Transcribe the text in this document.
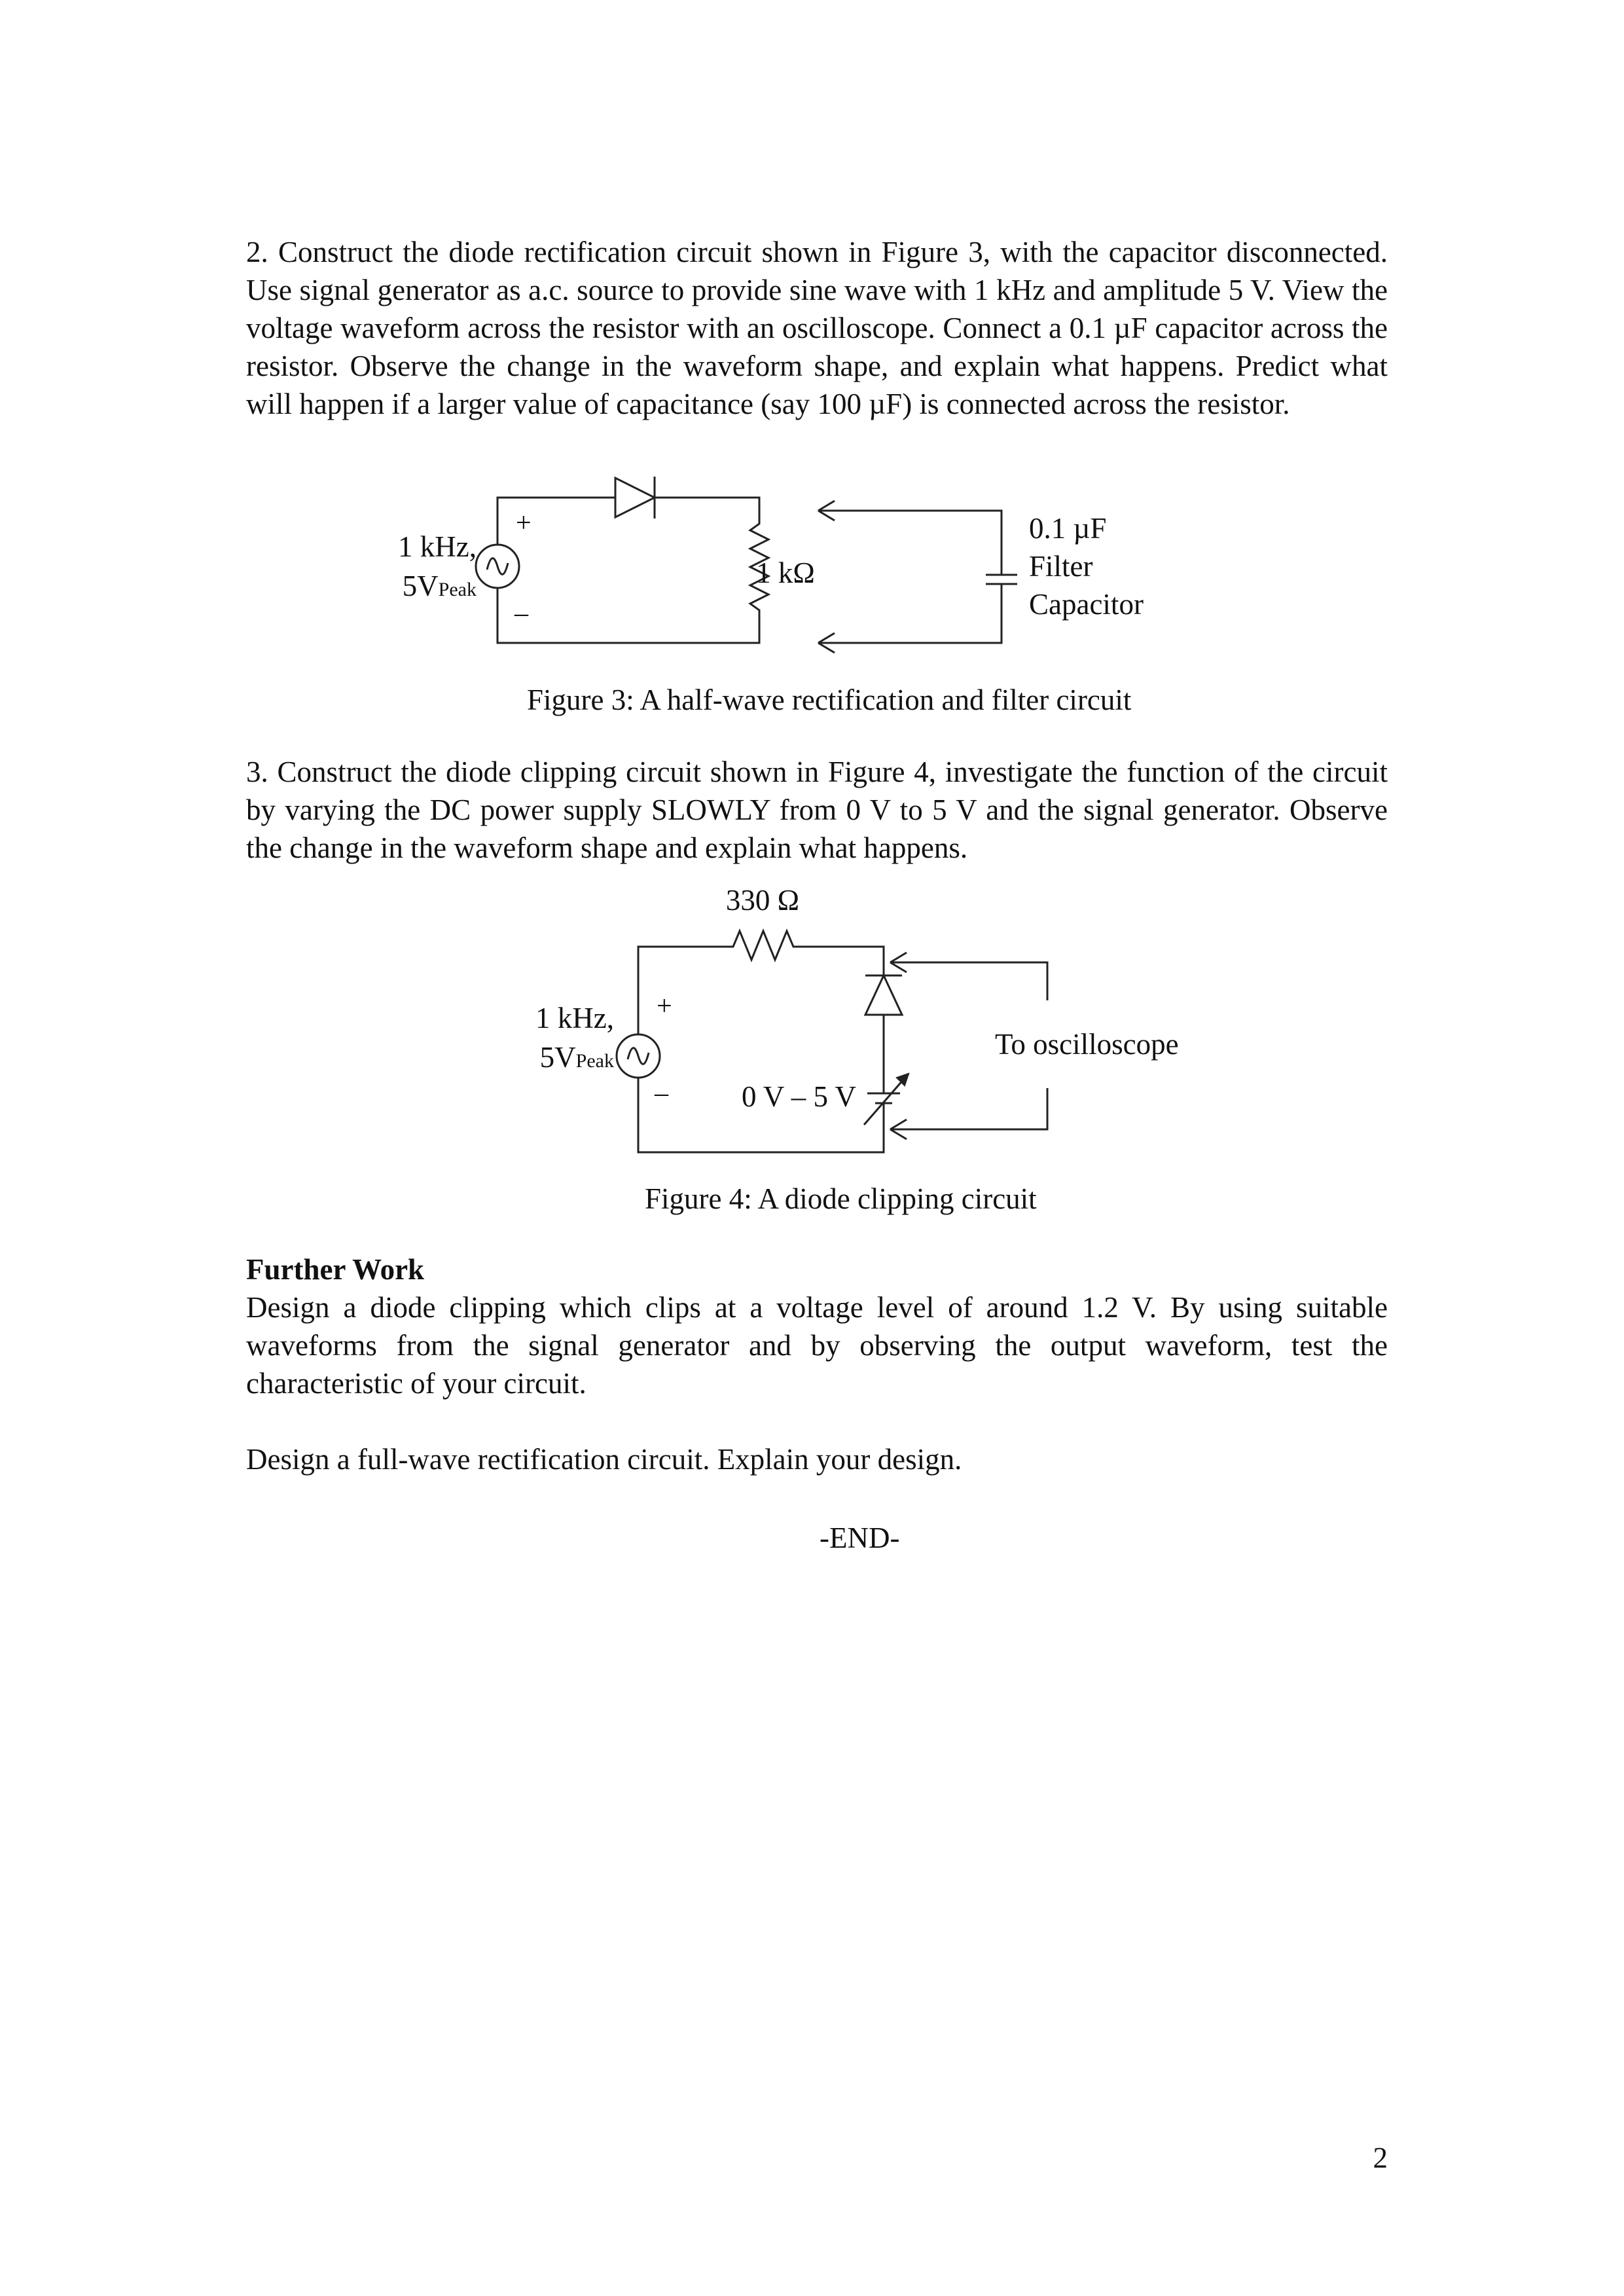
2. Construct the diode rectification circuit shown in Figure 3, with the capacitor disconnected. Use signal generator as a.c. source to provide sine wave with 1 kHz and amplitude 5 V. View the voltage waveform across the resistor with an oscilloscope. Connect a 0.1 µF capacitor across the resistor. Observe the change in the waveform shape, and explain what happens. Predict what will happen if a larger value of capacitance (say 100 µF) is connected across the resistor.

+
–
1 kHz,
5VPeak
1 kΩ
0.1 µF
Filter
Capacitor
Figure 3: A half-wave rectification and filter circuit

3. Construct the diode clipping circuit shown in Figure 4, investigate the function of the circuit by varying the DC power supply SLOWLY from 0 V to 5 V and the signal generator. Observe the change in the waveform shape and explain what happens.

330 Ω
+
–
1 kHz,
5VPeak
0 V – 5 V
To oscilloscope
Figure 4: A diode clipping circuit
Further Work

Design a diode clipping which clips at a voltage level of around 1.2 V. By using suitable waveforms from the signal generator and by observing the output waveform, test the characteristic of your circuit.

Design a full-wave rectification circuit. Explain your design.

-END-
2
